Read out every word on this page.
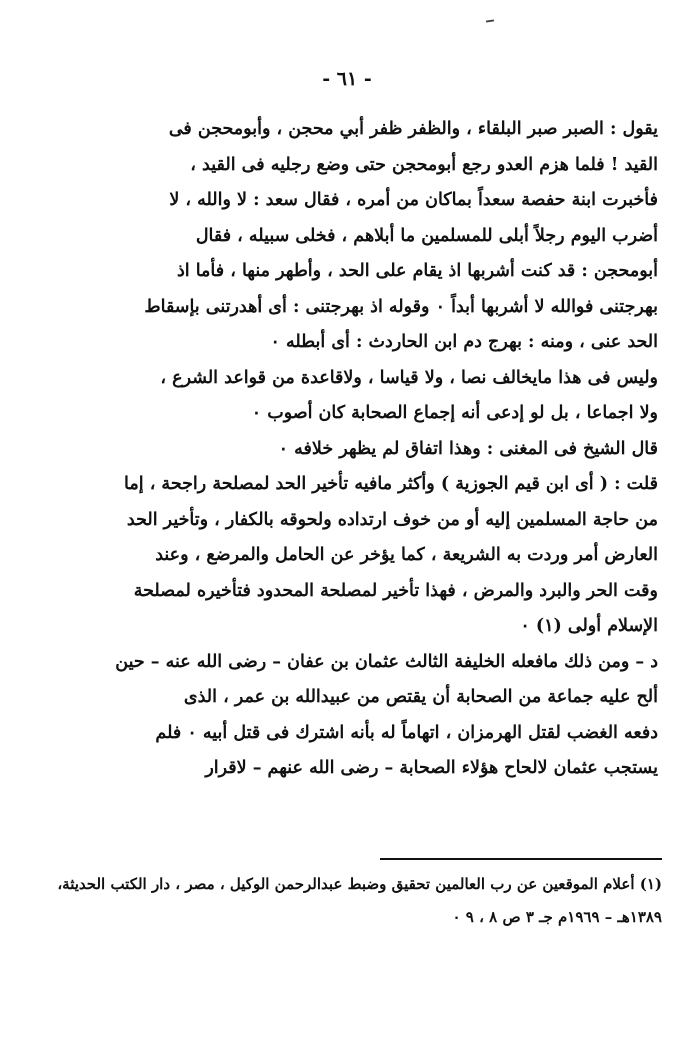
- ٦١ -
يقول : الصبر صبر البلقاء ، والظفر ظفر أبي محجن ، وأبومحجن فى
القيد ! فلما هزم العدو رجع أبومحجن حتى وضع رجليه فى القيد ،
فأخبرت ابنة حفصة سعداً بماكان من أمره ، فقال سعد : لا والله ، لا
أضرب اليوم رجلاً أبلى للمسلمين ما أبلاهم ، فخلى سبيله ، فقال
أبومحجن : قد كنت أشربها اذ يقام على الحد ، وأطهر منها ، فأما اذ
بهرجتنى فوالله لا أشربها أبداً ٠ وقوله اذ بهرجتنى : أى أهدرتنى بإسقاط
الحد عنى ، ومنه : بهرج دم ابن الحاردث : أى أبطله ٠
وليس فى هذا مايخالف نصا ، ولا قياسا ، ولاقاعدة من قواعد الشرع ،
ولا اجماعا ، بل لو إدعى أنه إجماع الصحابة كان أصوب ٠
قال الشيخ فى المغنى : وهذا اتفاق لم يظهر خلافه ٠
قلت : ( أى ابن قيم الجوزية ) وأكثر مافيه تأخير الحد لمصلحة راجحة ، إما
من حاجة المسلمين إليه أو من خوف ارتداده ولحوقه بالكفار ، وتأخير الحد
العارض أمر وردت به الشريعة ، كما يؤخر عن الحامل والمرضع ، وعند
وقت الحر والبرد والمرض ، فهذا تأخير لمصلحة المحدود فتأخيره لمصلحة
الإسلام أولى (١) ٠
د – ومن ذلك مافعله الخليفة الثالث عثمان بن عفان – رضى الله عنه – حين
ألح عليه جماعة من الصحابة أن يقتص من عبيدالله بن عمر ، الذى
دفعه الغضب لقتل الهرمزان ، اتهاماً له بأنه اشترك فى قتل أبيه ٠ فلم
يستجب عثمان لالحاح هؤلاء الصحابة – رضى الله عنهم – لاقرار
(١) أعلام الموقعين عن رب العالمين تحقيق وضبط عبدالرحمن الوكيل ، مصر ، دار الكتب الحديثة،
١٣٨٩هـ – ١٩٦٩م جـ ٣ ص ٨ ، ٩ ٠
